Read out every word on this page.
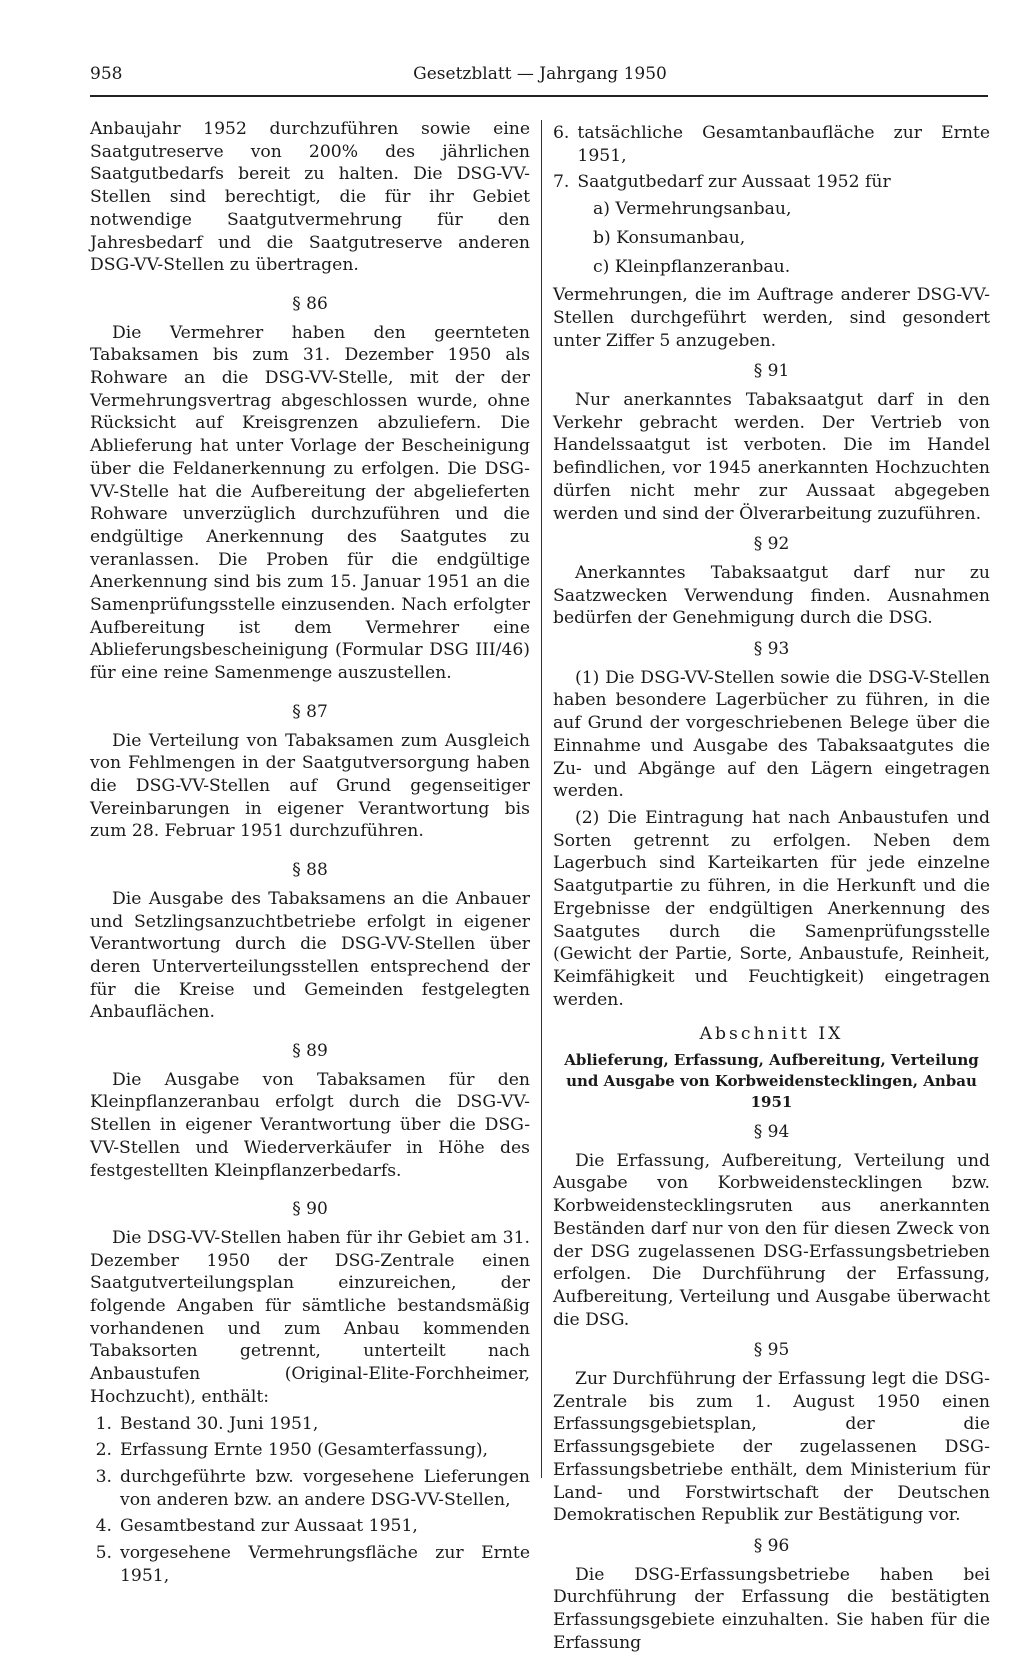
958	Gesetzblatt — Jahrgang 1950

Anbaujahr 1952 durchzuführen sowie eine Saatgutreserve von 200% des jährlichen Saatgutbedarfs bereit zu halten. Die DSG-VV-Stellen sind berechtigt, die für ihr Gebiet notwendige Saatgutvermehrung für den Jahresbedarf und die Saatgutreserve anderen DSG-VV-Stellen zu übertragen.

§ 86

Die Vermehrer haben den geernteten Tabaksamen bis zum 31. Dezember 1950 als Rohware an die DSG-VV-Stelle, mit der der Vermehrungsvertrag abgeschlossen wurde, ohne Rücksicht auf Kreisgrenzen abzuliefern. Die Ablieferung hat unter Vorlage der Bescheinigung über die Feldanerkennung zu erfolgen. Die DSG-VV-Stelle hat die Aufbereitung der abgelieferten Rohware unverzüglich durchzuführen und die endgültige Anerkennung des Saatgutes zu veranlassen. Die Proben für die endgültige Anerkennung sind bis zum 15. Januar 1951 an die Samenprüfungsstelle einzusenden. Nach erfolgter Aufbereitung ist dem Vermehrer eine Ablieferungsbescheinigung (Formular DSG III/46) für eine reine Samenmenge auszustellen.

§ 87

Die Verteilung von Tabaksamen zum Ausgleich von Fehlmengen in der Saatgutversorgung haben die DSG-VV-Stellen auf Grund gegenseitiger Vereinbarungen in eigener Verantwortung bis zum 28. Februar 1951 durchzuführen.

§ 88

Die Ausgabe des Tabaksamens an die Anbauer und Setzlingsanzuchtbetriebe erfolgt in eigener Verantwortung durch die DSG-VV-Stellen über deren Unterverteilungsstellen entsprechend der für die Kreise und Gemeinden festgelegten Anbauflächen.

§ 89

Die Ausgabe von Tabaksamen für den Kleinpflanzeranbau erfolgt durch die DSG-VV-Stellen in eigener Verantwortung über die DSG-VV-Stellen und Wiederverkäufer in Höhe des festgestellten Kleinpflanzerbedarfs.

§ 90

Die DSG-VV-Stellen haben für ihr Gebiet am 31. Dezember 1950 der DSG-Zentrale einen Saatgutverteilungsplan einzureichen, der folgende Angaben für sämtliche bestandsmäßig vorhandenen und zum Anbau kommenden Tabaksorten getrennt, unterteilt nach Anbaustufen (Original-Elite-Forchheimer, Hochzucht), enthält:

1. Bestand 30. Juni 1951,
2. Erfassung Ernte 1950 (Gesamterfassung),
3. durchgeführte bzw. vorgesehene Lieferungen von anderen bzw. an andere DSG-VV-Stellen,
4. Gesamtbestand zur Aussaat 1951,
5. vorgesehene Vermehrungsfläche zur Ernte 1951,
6. tatsächliche Gesamtanbaufläche zur Ernte 1951,
7. Saatgutbedarf zur Aussaat 1952 für
a) Vermehrungsanbau,
b) Konsumanbau,
c) Kleinpflanzeranbau.

Vermehrungen, die im Auftrage anderer DSG-VV-Stellen durchgeführt werden, sind gesondert unter Ziffer 5 anzugeben.

§ 91

Nur anerkanntes Tabaksaatgut darf in den Verkehr gebracht werden. Der Vertrieb von Handelssaatgut ist verboten. Die im Handel befindlichen, vor 1945 anerkannten Hochzuchten dürfen nicht mehr zur Aussaat abgegeben werden und sind der Ölverarbeitung zuzuführen.

§ 92

Anerkanntes Tabaksaatgut darf nur zu Saatzwecken Verwendung finden. Ausnahmen bedürfen der Genehmigung durch die DSG.

§ 93

(1) Die DSG-VV-Stellen sowie die DSG-V-Stellen haben besondere Lagerbücher zu führen, in die auf Grund der vorgeschriebenen Belege über die Einnahme und Ausgabe des Tabaksaatgutes die Zu- und Abgänge auf den Lägern eingetragen werden.

(2) Die Eintragung hat nach Anbaustufen und Sorten getrennt zu erfolgen. Neben dem Lagerbuch sind Karteikarten für jede einzelne Saatgutpartie zu führen, in die Herkunft und die Ergebnisse der endgültigen Anerkennung des Saatgutes durch die Samenprüfungsstelle (Gewicht der Partie, Sorte, Anbaustufe, Reinheit, Keimfähigkeit und Feuchtigkeit) eingetragen werden.

Abschnitt IX
Ablieferung, Erfassung, Aufbereitung, Verteilung und Ausgabe von Korbweidenstecklingen, Anbau 1951
§ 94

Die Erfassung, Aufbereitung, Verteilung und Ausgabe von Korbweidenstecklingen bzw. Korbweidenstecklingsruten aus anerkannten Beständen darf nur von den für diesen Zweck von der DSG zugelassenen DSG-Erfassungsbetrieben erfolgen. Die Durchführung der Erfassung, Aufbereitung, Verteilung und Ausgabe überwacht die DSG.

§ 95

Zur Durchführung der Erfassung legt die DSG-Zentrale bis zum 1. August 1950 einen Erfassungsgebietsplan, der die Erfassungsgebiete der zugelassenen DSG-Erfassungsbetriebe enthält, dem Ministerium für Land- und Forstwirtschaft der Deutschen Demokratischen Republik zur Bestätigung vor.

§ 96

Die DSG-Erfassungsbetriebe haben bei Durchführung der Erfassung die bestätigten Erfassungsgebiete einzuhalten. Sie haben für die Erfassung
